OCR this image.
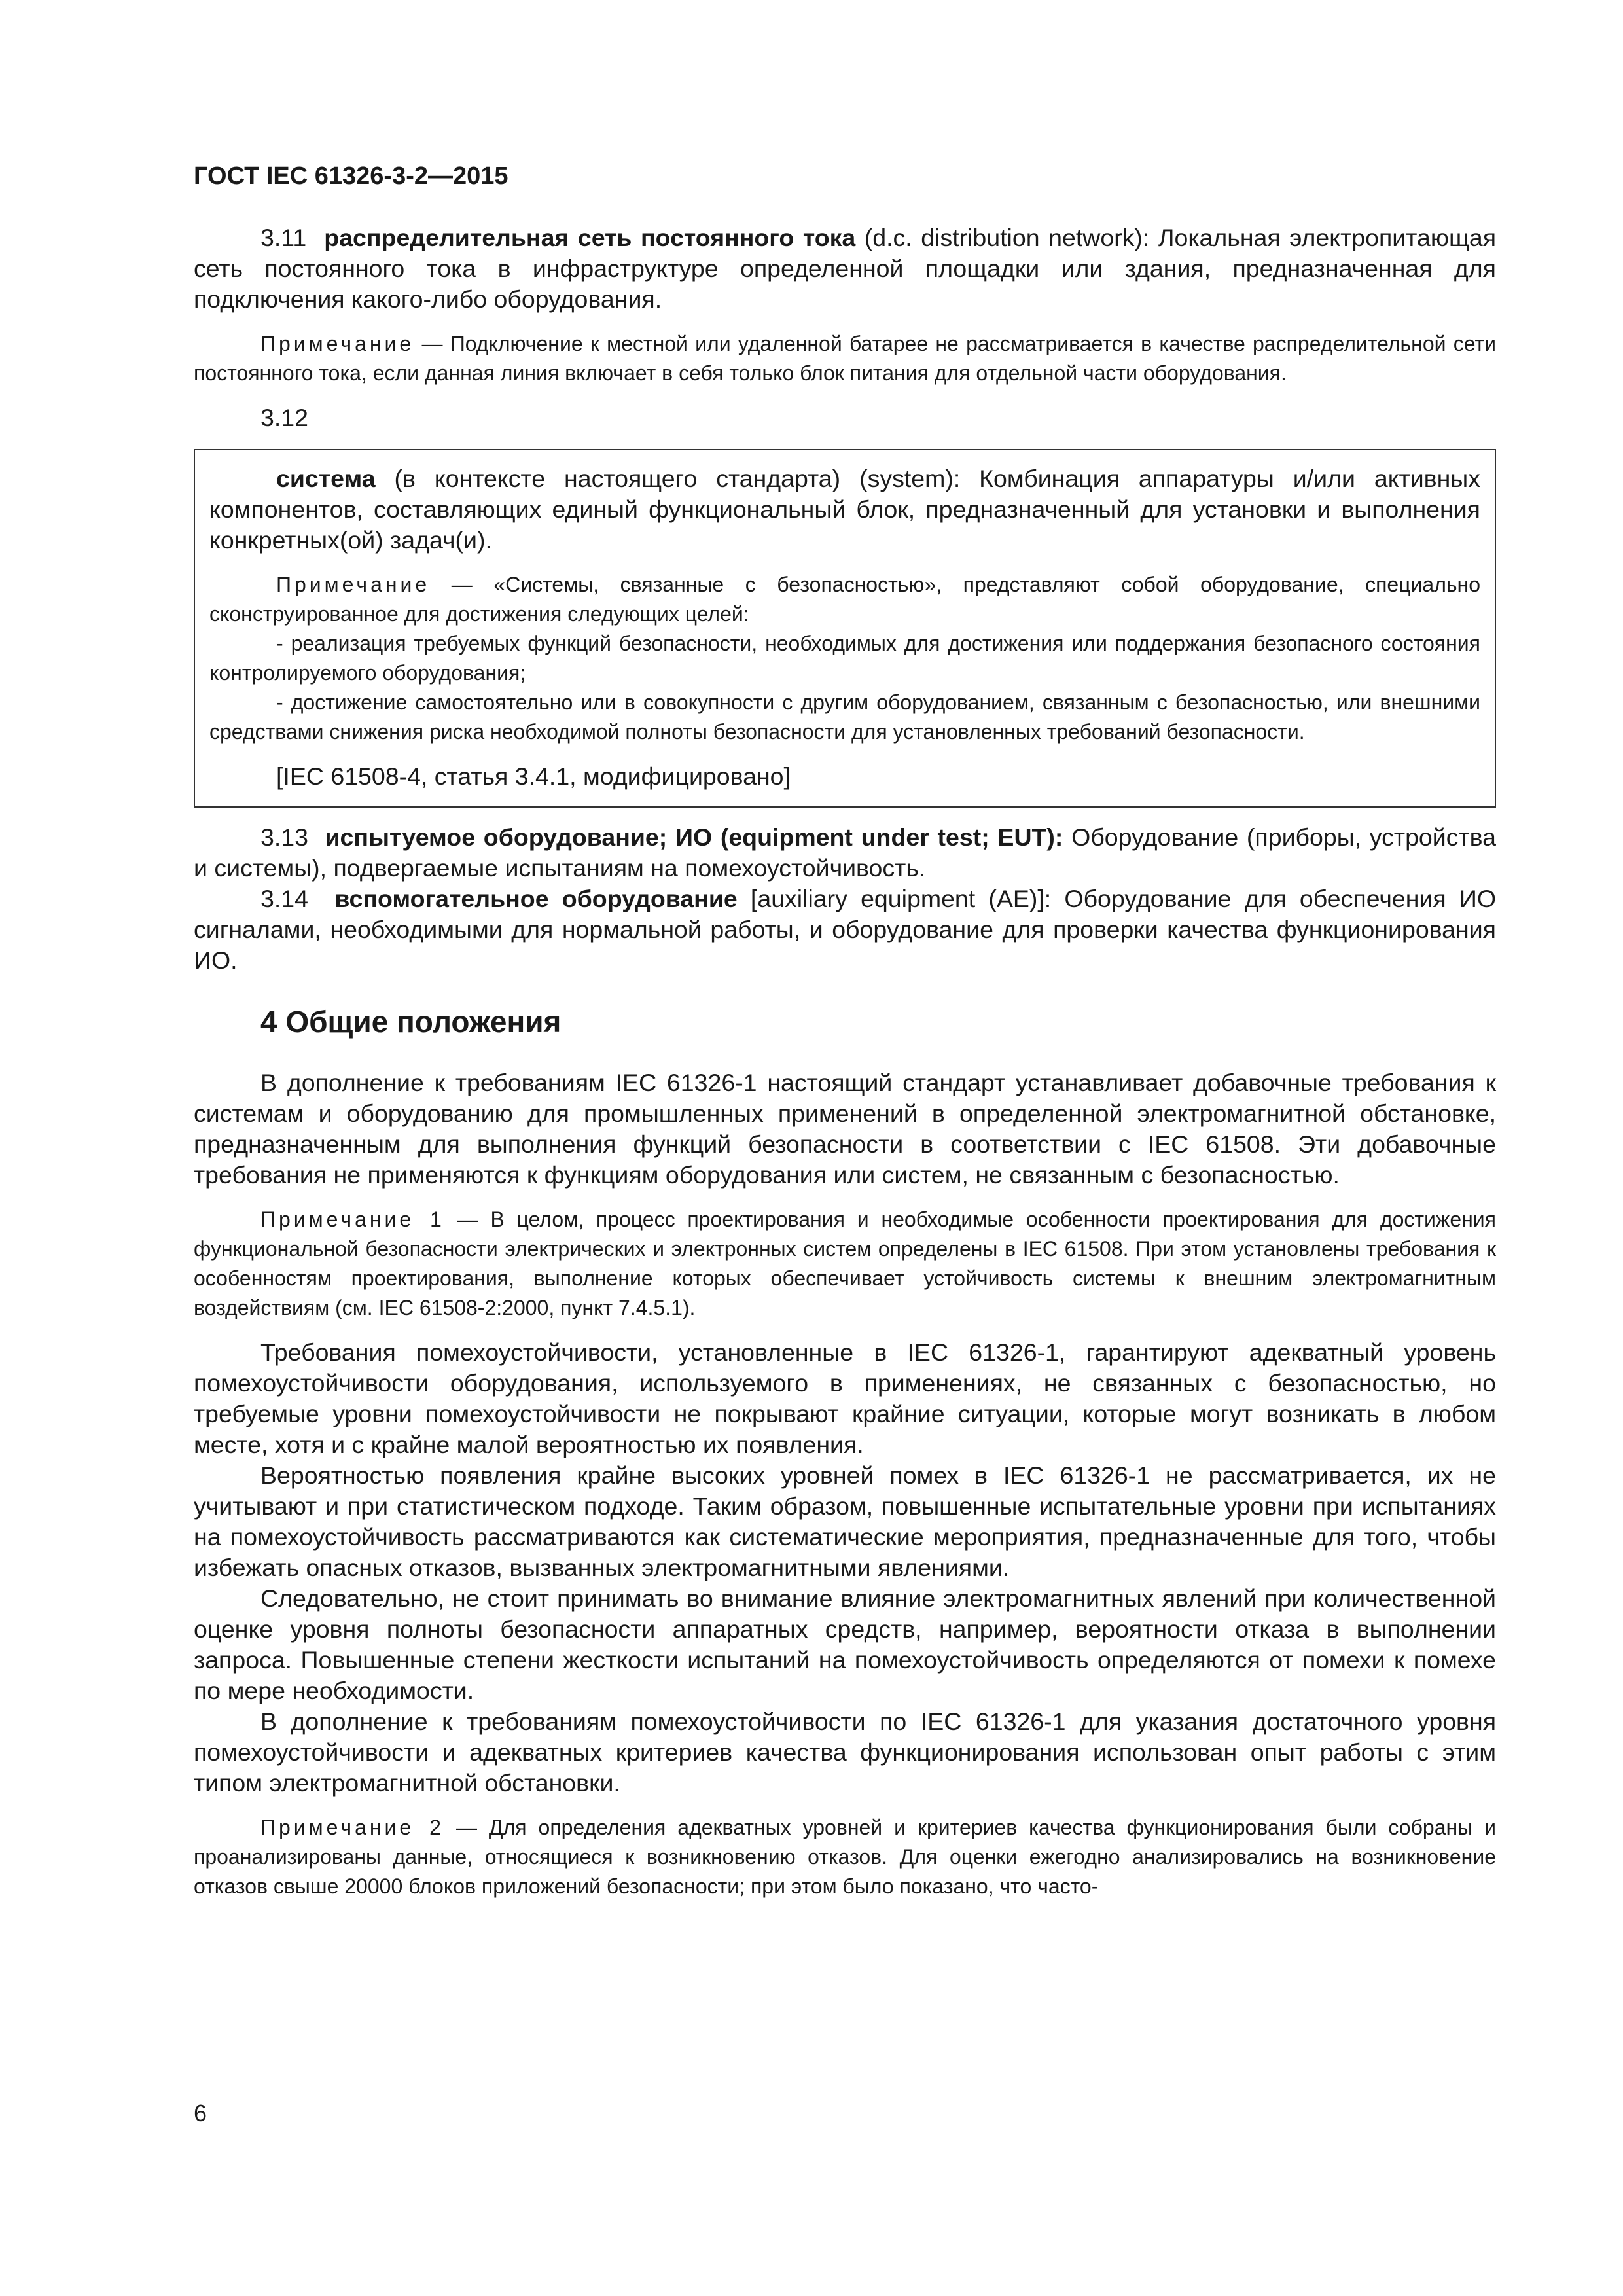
ГОСТ IEC 61326-3-2—2015

3.11 распределительная сеть постоянного тока (d.c. distribution network): Локальная электропитающая сеть постоянного тока в инфраструктуре определенной площадки или здания, предназначенная для подключения какого-либо оборудования.

Примечание — Подключение к местной или удаленной батарее не рассматривается в качестве распределительной сети постоянного тока, если данная линия включает в себя только блок питания для отдельной части оборудования.

3.12

система (в контексте настоящего стандарта) (system): Комбинация аппаратуры и/или активных компонентов, составляющих единый функциональный блок, предназначенный для установки и выполнения конкретных(ой) задач(и).

Примечание — «Системы, связанные с безопасностью», представляют собой оборудование, специально сконструированное для достижения следующих целей:

- реализация требуемых функций безопасности, необходимых для достижения или поддержания безопасного состояния контролируемого оборудования;

- достижение самостоятельно или в совокупности с другим оборудованием, связанным с безопасностью, или внешними средствами снижения риска необходимой полноты безопасности для установленных требований безопасности.

[IEC 61508-4, статья 3.4.1, модифицировано]

3.13 испытуемое оборудование; ИО (equipment under test; EUT): Оборудование (приборы, устройства и системы), подвергаемые испытаниям на помехоустойчивость.

3.14 вспомогательное оборудование [auxiliary equipment (AE)]: Оборудование для обеспечения ИО сигналами, необходимыми для нормальной работы, и оборудование для проверки качества функционирования ИО.

4 Общие положения

В дополнение к требованиям IEC 61326-1 настоящий стандарт устанавливает добавочные требования к системам и оборудованию для промышленных применений в определенной электромагнитной обстановке, предназначенным для выполнения функций безопасности в соответствии с IEC 61508. Эти добавочные требования не применяются к функциям оборудования или систем, не связанным с безопасностью.

Примечание 1 — В целом, процесс проектирования и необходимые особенности проектирования для достижения функциональной безопасности электрических и электронных систем определены в IEC 61508. При этом установлены требования к особенностям проектирования, выполнение которых обеспечивает устойчивость системы к внешним электромагнитным воздействиям (см. IEC 61508-2:2000, пункт 7.4.5.1).

Требования помехоустойчивости, установленные в IEC 61326-1, гарантируют адекватный уровень помехоустойчивости оборудования, используемого в применениях, не связанных с безопасностью, но требуемые уровни помехоустойчивости не покрывают крайние ситуации, которые могут возникать в любом месте, хотя и с крайне малой вероятностью их появления.

Вероятностью появления крайне высоких уровней помех в IEC 61326-1 не рассматривается, их не учитывают и при статистическом подходе. Таким образом, повышенные испытательные уровни при испытаниях на помехоустойчивость рассматриваются как систематические мероприятия, предназначенные для того, чтобы избежать опасных отказов, вызванных электромагнитными явлениями.

Следовательно, не стоит принимать во внимание влияние электромагнитных явлений при количественной оценке уровня полноты безопасности аппаратных средств, например, вероятности отказа в выполнении запроса. Повышенные степени жесткости испытаний на помехоустойчивость определяются от помехи к помехе по мере необходимости.

В дополнение к требованиям помехоустойчивости по IEC 61326-1 для указания достаточного уровня помехоустойчивости и адекватных критериев качества функционирования использован опыт работы с этим типом электромагнитной обстановки.

Примечание 2 — Для определения адекватных уровней и критериев качества функционирования были собраны и проанализированы данные, относящиеся к возникновению отказов. Для оценки ежегодно анализировались на возникновение отказов свыше 20000 блоков приложений безопасности; при этом было показано, что часто-

6
